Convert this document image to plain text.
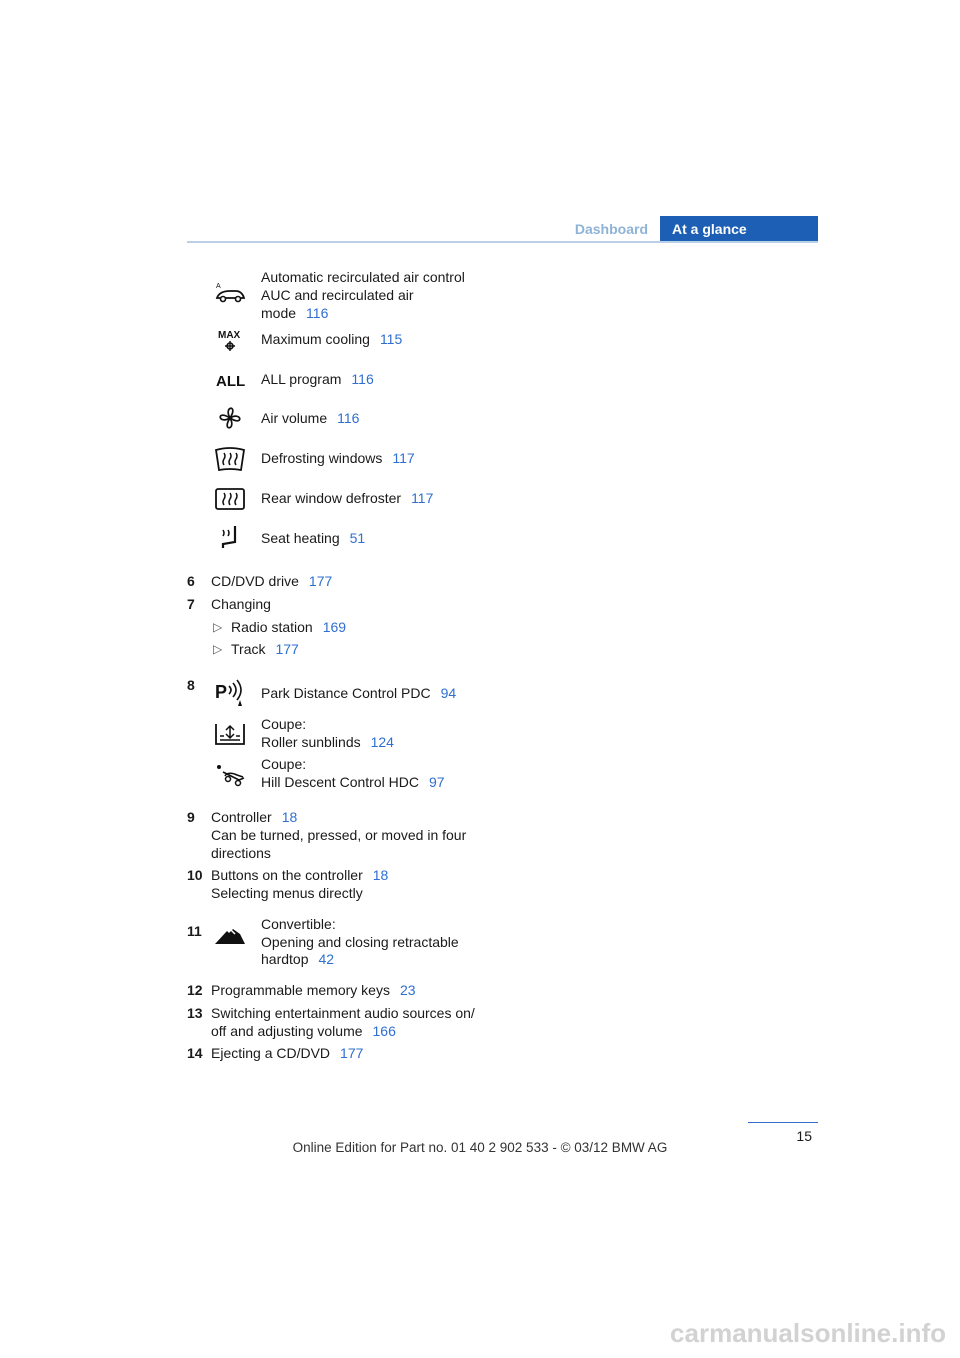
Dashboard	At a glance
A
Automatic recirculated air control
AUC and recirculated air
mode 116
MAX Maximum cooling 115
ALL ALL program 116
Air volume 116
Defrosting windows 117
Rear window defroster 117
Seat heating 51
6 CD/DVD drive 177
7 Changing
▷ Radio station 169
▷ Track 177
8 P Park Distance Control PDC 94
Coupe:
Roller sunblinds 124
Coupe:
Hill Descent Control HDC 97
9 Controller 18
Can be turned, pressed, or moved in four
directions
10 Buttons on the controller 18
Selecting menus directly
11	Convertible:
Opening and closing retractable
hardtop 42
12 Programmable memory keys 23
13 Switching entertainment audio sources on/
off and adjusting volume 166
14 Ejecting a CD/DVD 177
15
Online Edition for Part no. 01 40 2 902 533 - © 03/12 BMW AG
carmanualsonline.info
